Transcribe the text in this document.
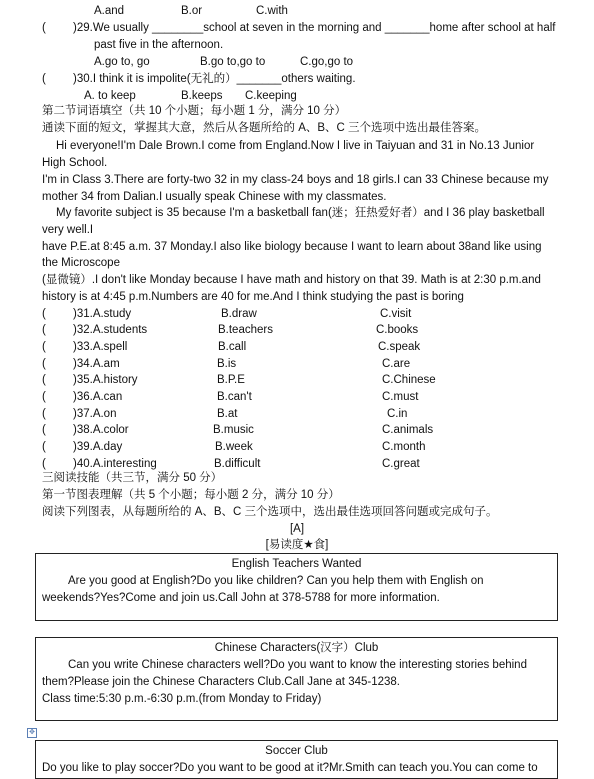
A.and	B.or	C.with
( )29.We usually ________school at seven in the morning and _______home after school at half
past five in the afternoon.
A.go to, go	B.go to,go to	C.go,go to
( )30.I think it is impolite(无礼的）_______others waiting.
A. to keep	B.keeps C.keeping
第二节词语填空（共 10 个小题；每小题 1 分，满分 10 分）
通读下面的短文，掌握其大意，然后从各题所给的 A、B、C 三个选项中选出最佳答案。
Hi everyone!I'm Dale Brown.I come from England.Now I live in Taiyuan and 31 in No.13 Junior
High School.
I'm in Class 3.There are forty-two 32 in my class-24 boys and 18 girls.I can 33 Chinese because my
mother 34 from Dalian.I usually speak Chinese with my classmates.
My favorite subject is 35 because I'm a basketball fan(迷；狂热爱好者）and I 36 play basketball
very well.I
have P.E.at 8:45 a.m. 37 Monday.I also like biology because I want to learn about 38and like using
the Microscope
(显微镜）.I don't like Monday because I have math and history on that 39. Math is at 2:30 p.m.and
history is at 4:45 p.m.Numbers are 40 for me.And I think studying the past is boring
( )31.A.study	B.draw	C.visit
( )32.A.students	B.teachers	C.books
( )33.A.spell	B.call	C.speak
( )34.A.am	B.is	C.are
( )35.A.history	B.P.E	C.Chinese
( )36.A.can	B.can't	C.must
( )37.A.on	B.at	C.in
( )38.A.color	B.music	C.animals
( )39.A.day	B.week	C.month
( )40.A.interesting	B.difficult	C.great
三阅读技能（共三节，满分 50 分）
第一节图表理解（共 5 个小题；每小题 2 分，满分 10 分）
阅读下列图表，从每题所给的 A、B、C 三个选项中，选出最佳选项回答问题或完成句子。
[A]
[易读度★食]
English Teachers Wanted
Are you good at English?Do you like children? Can you help them with English on
weekends?Yes?Come and join us.Call John at 378-5788 for more information.
Chinese Characters(汉字）Club
Can you write Chinese characters well?Do you want to know the interesting stories behind
them?Please join the Chinese Characters Club.Call Jane at 345-1238.
Class time:5:30 p.m.-6:30 p.m.(from Monday to Friday)
✥
Soccer Club
Do you like to play soccer?Do you want to be good at it?Mr.Smith can teach you.You can come to
